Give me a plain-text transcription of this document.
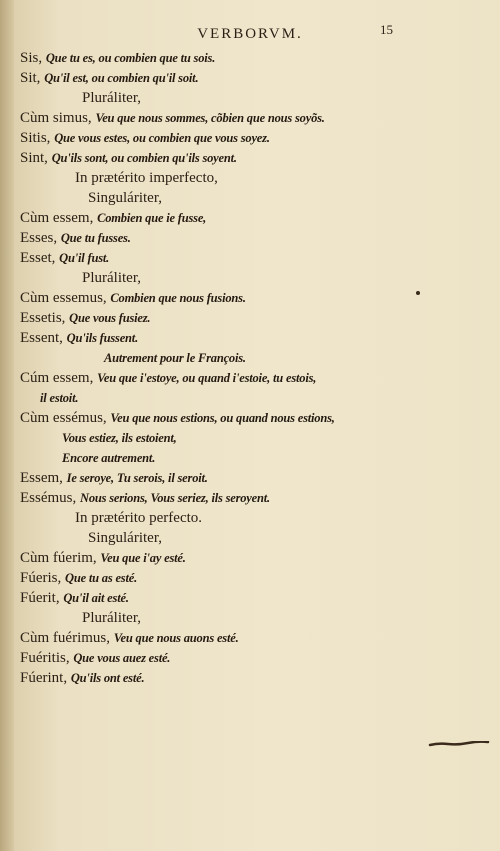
VERBORVM.	15
Sis, Que tu es, ou combien que tu sois.
Sit, Qu'il est, ou combien qu'il soit.
Pluráliter,
Cùm simus, Veu que nous sommes, cõbien que nous soyõs.
Sitis, Que vous estes, ou combien que vous soyez.
Sint, Qu'ils sont, ou combien qu'ils soyent.
In prætérito imperfecto,
Singuláriter,
Cùm essem, Combien que ie fusse,
Esses, Que tu fusses.
Esset, Qu'il fust.
Pluráliter,
Cùm essemus, Combien que nous fusions.
Essetis, Que vous fusiez.
Essent, Qu'ils fussent.
Autrement pour le François.
Cúm essem, Veu que i'estoye, ou quand i'estoie, tu estois,
il estoit.
Cùm essémus, Veu que nous estions, ou quand nous estions,
Vous estiez, ils estoient,
Encore autrement.
Essem, Ie seroye, Tu serois, il seroit.
Essémus, Nous serions, Vous seriez, ils seroyent.
In prætérito perfecto.
Singuláriter,
Cùm fúerim, Veu que i'ay esté.
Fúeris, Que tu as esté.
Fúerit, Qu'il ait esté.
Pluráliter,
Cùm fuérimus, Veu que nous auons esté.
Fuéritis, Que vous auez esté.
Fúerint, Qu'ils ont esté.
